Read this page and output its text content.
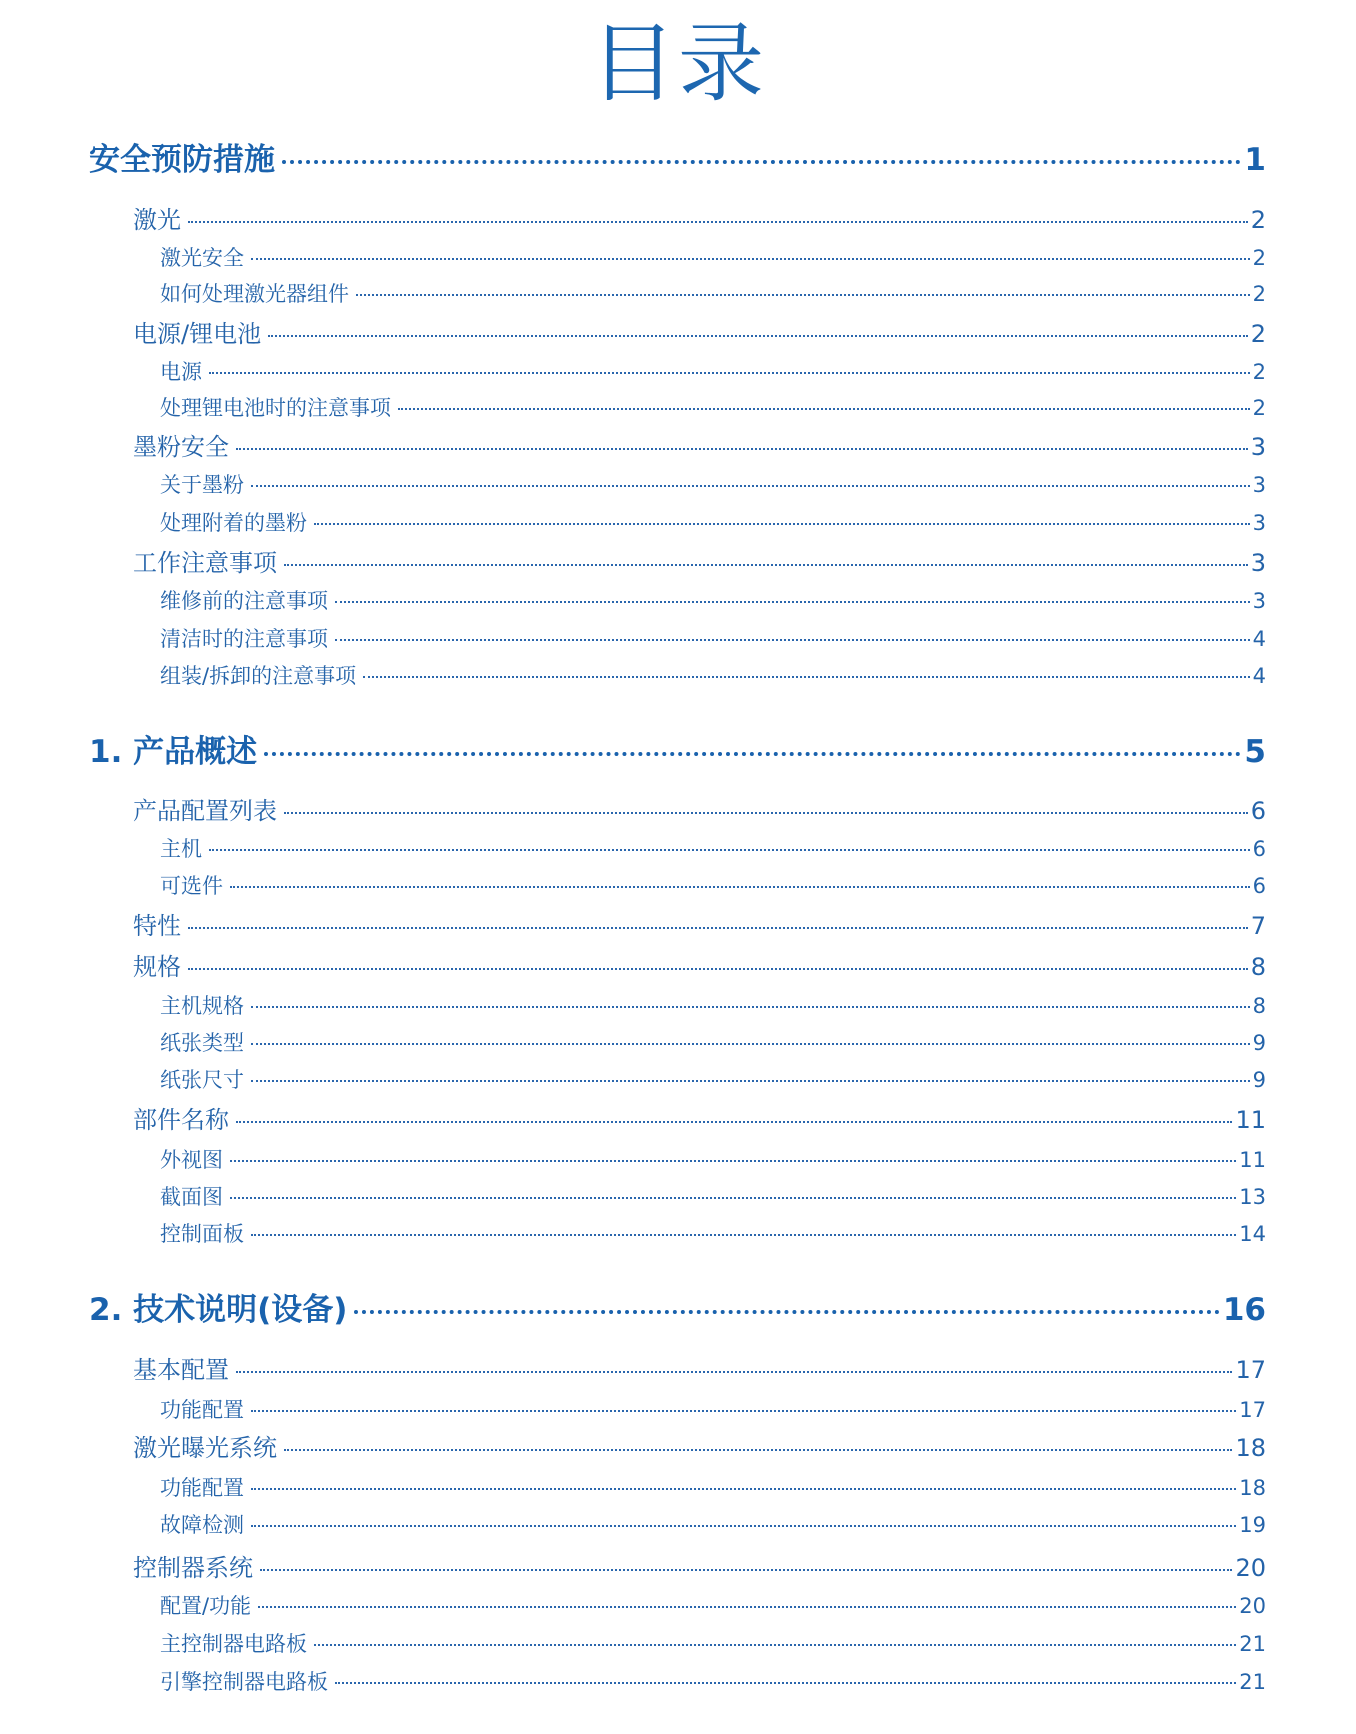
目录
安全预防措施	1
激光	2
激光安全	2
如何处理激光器组件	2
电源/锂电池	2
电源	2
处理锂电池时的注意事项	2
墨粉安全	3
关于墨粉	3
处理附着的墨粉	3
工作注意事项	3
维修前的注意事项	3
清洁时的注意事项	4
组装/拆卸的注意事项	4
1. 产品概述	5
产品配置列表	6
主机	6
可选件	6
特性	7
规格	8
主机规格	8
纸张类型	9
纸张尺寸	9
部件名称	11
外视图	11
截面图	13
控制面板	14
2. 技术说明(设备)	16
基本配置	17
功能配置	17
激光曝光系统	18
功能配置	18
故障检测	19
控制器系统	20
配置/功能	20
主控制器电路板	21
引擎控制器电路板	21
